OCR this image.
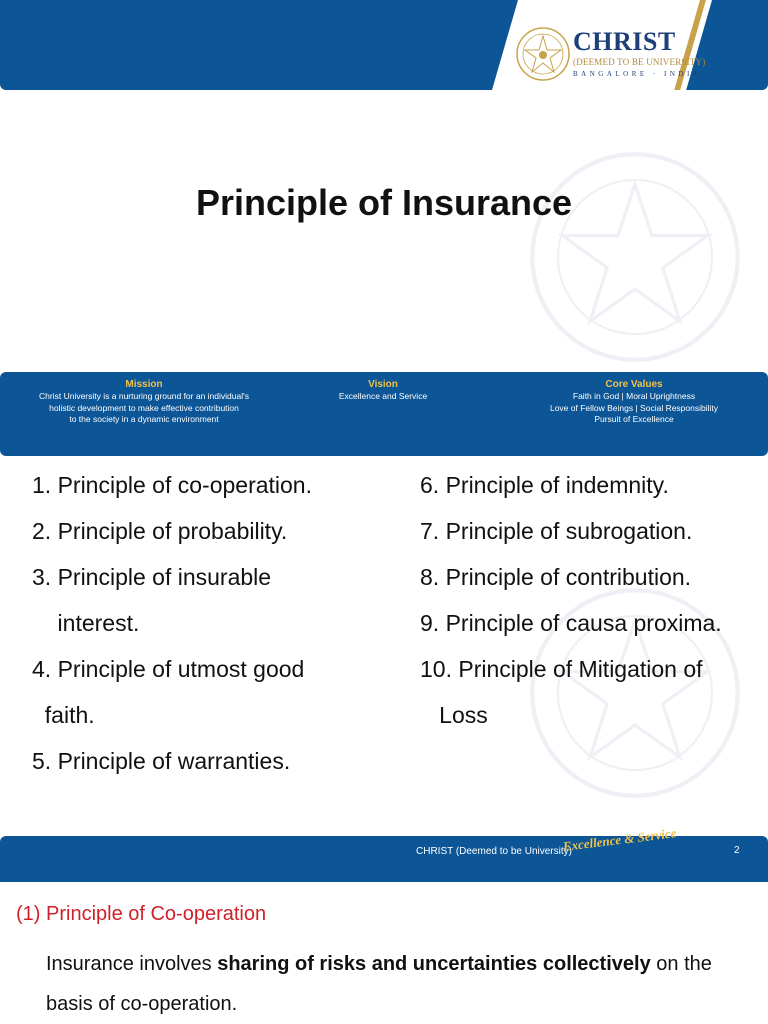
CHRIST
(DEEMED TO BE UNIVERSITY)
BANGALORE · INDIA
Principle of Insurance
Mission
Christ University is a nurturing ground for an individual's
holistic development to make effective contribution
to the society in a dynamic environment
Vision
Excellence and Service
Core Values
Faith in God | Moral Uprightness
Love of Fellow Beings | Social Responsibility
Pursuit of Excellence
1. Principle of co-operation.
2. Principle of probability.
3. Principle of insurable
interest.
4. Principle of utmost good
faith.
5. Principle of warranties.
6. Principle of indemnity.
7. Principle of subrogation.
8. Principle of contribution.
9. Principle of causa proxima.
10. Principle of Mitigation of
Loss
CHRIST (Deemed to be University)
Excellence & Service	2
(1) Principle of Co-operation
Insurance involves sharing of risks and uncertainties collectively on the
basis of co-operation.
